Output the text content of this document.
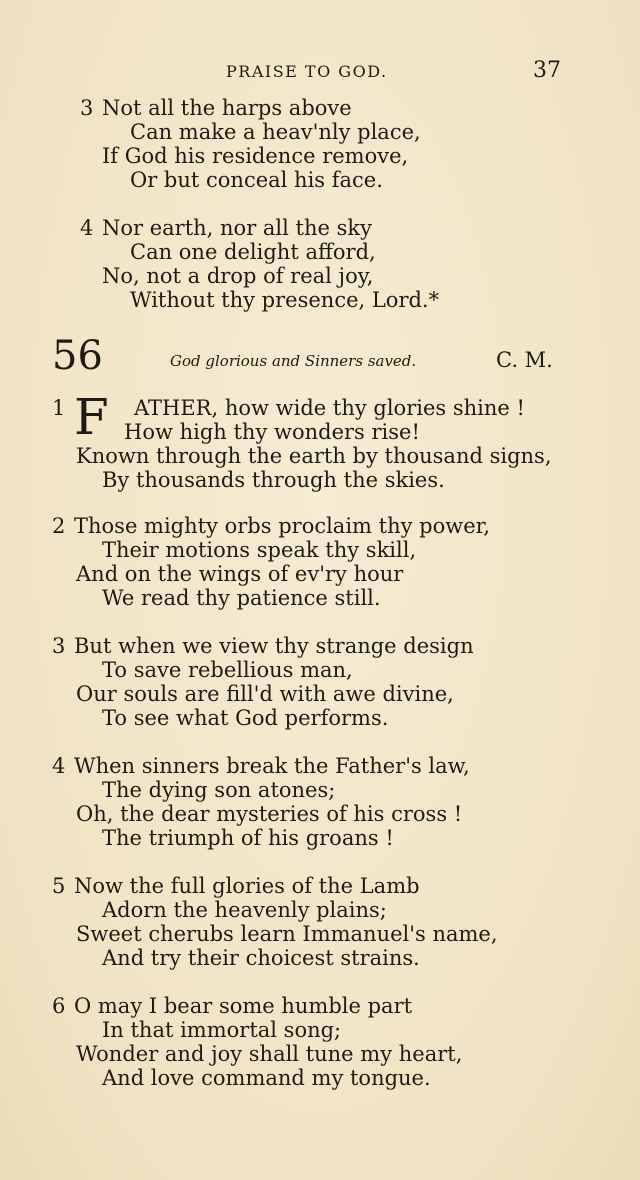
PRAISE TO GOD.	37
3 Not all the harps above
Can make a heav'nly place,
If God his residence remove,
Or but conceal his face.
4 Nor earth, nor all the sky
Can one delight afford,
No, not a drop of real joy,
Without thy presence, Lord.*
56	God glorious and Sinners saved.	C. M.
1 F ATHER, how wide thy glories shine !
How high thy wonders rise!
Known through the earth by thousand signs,
By thousands through the skies.
2 Those mighty orbs proclaim thy power,
Their motions speak thy skill,
And on the wings of ev'ry hour
We read thy patience still.
3 But when we view thy strange design
To save rebellious man,
Our souls are fill'd with awe divine,
To see what God performs.
4 When sinners break the Father's law,
The dying son atones;
Oh, the dear mysteries of his cross !
The triumph of his groans !
5 Now the full glories of the Lamb
Adorn the heavenly plains;
Sweet cherubs learn Immanuel's name,
And try their choicest strains.
6 O may I bear some humble part
In that immortal song;
Wonder and joy shall tune my heart,
And love command my tongue.
